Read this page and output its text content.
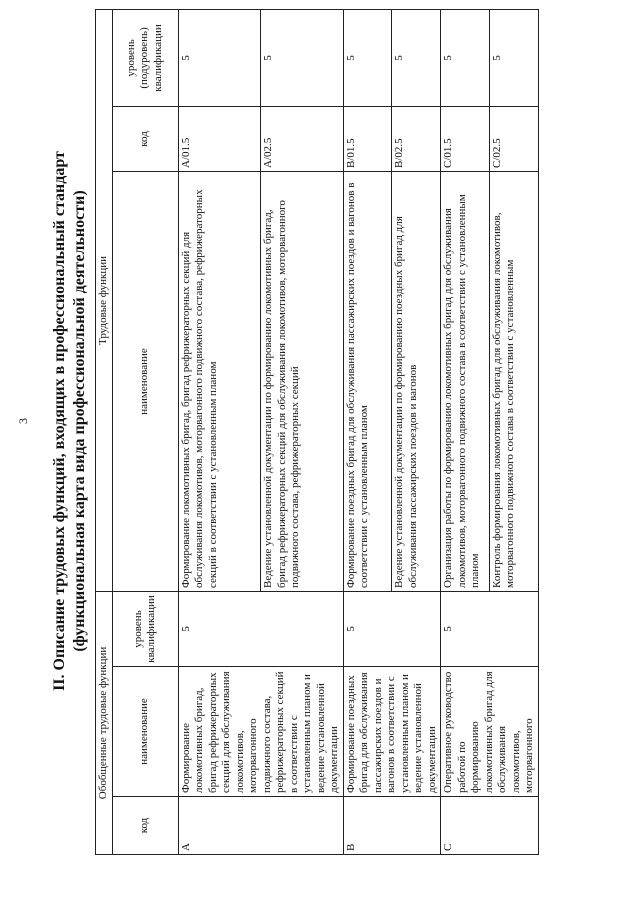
3 II. Описание трудовых функций, входящих в профессиональный стандарт (функциональная карта вида профессиональной деятельности)
Обобщенные трудовые функции			Трудовые функции		
код	наименование	уровень квалификации	наименование	код	уровень (подуровень) квалификации
A	Формирование локомотивных бригад, бригад рефрижераторных секций для обслуживания локомотивов, моторвагонного подвижного состава, рефрижераторных секций в соответствии с установленным планом и ведение установленной документации	5	Формирование локомотивных бригад, бригад рефрижераторных секций для обслуживания локомотивов, моторвагонного подвижного состава, рефрижераторных секций в соответствии с установленным планом	A/01.5	5
			Ведение установленной документации по формированию локомотивных бригад, бригад рефрижераторных секций для обслуживания локомотивов, моторвагонного подвижного состава, рефрижераторных секций	A/02.5	5
B	Формирование поездных бригад для обслуживания пассажирских поездов и вагонов в соответствии с установленным планом и ведение установленной документации	5	Формирование поездных бригад для обслуживания пассажирских поездов и вагонов в соответствии с установленным планом	B/01.5	5
			Ведение установленной документации по формированию поездных бригад для обслуживания пассажирских поездов и вагонов	B/02.5	5
C	Оперативное руководство работой по формированию локомотивных бригад для обслуживания локомотивов, моторвагонного	5	Организация работы по формированию локомотивных бригад для обслуживания локомотивов, моторвагонного подвижного состава в соответствии с установленным планом	C/01.5	5
			Контроль формирования локомотивных бригад для обслуживания локомотивов, моторвагонного подвижного состава в соответствии с установленным	C/02.5	5
